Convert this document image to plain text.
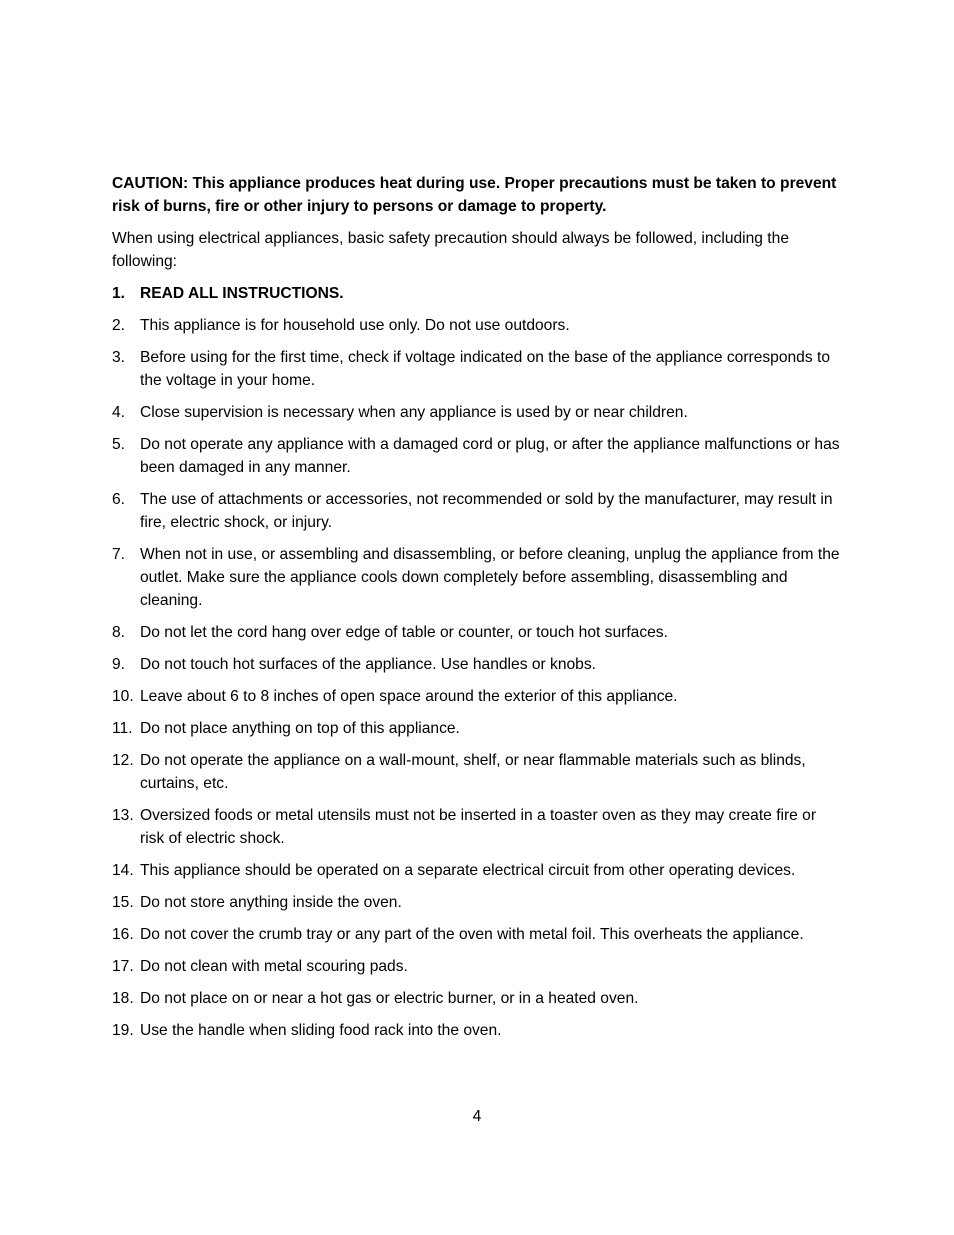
CAUTION: This appliance produces heat during use. Proper precautions must be taken to prevent risk of burns, fire or other injury to persons or damage to property.

When using electrical appliances, basic safety precaution should always be followed, including the following:

1. READ ALL INSTRUCTIONS.
2. This appliance is for household use only. Do not use outdoors.
3. Before using for the first time, check if voltage indicated on the base of the appliance corresponds to the voltage in your home.
4. Close supervision is necessary when any appliance is used by or near children.
5. Do not operate any appliance with a damaged cord or plug, or after the appliance malfunctions or has been damaged in any manner.
6. The use of attachments or accessories, not recommended or sold by the manufacturer, may result in fire, electric shock, or injury.
7. When not in use, or assembling and disassembling, or before cleaning, unplug the appliance from the outlet. Make sure the appliance cools down completely before assembling, disassembling and cleaning.
8. Do not let the cord hang over edge of table or counter, or touch hot surfaces.
9. Do not touch hot surfaces of the appliance. Use handles or knobs.
10. Leave about 6 to 8 inches of open space around the exterior of this appliance.
11. Do not place anything on top of this appliance.
12. Do not operate the appliance on a wall-mount, shelf, or near flammable materials such as blinds, curtains, etc.
13. Oversized foods or metal utensils must not be inserted in a toaster oven as they may create fire or risk of electric shock.
14. This appliance should be operated on a separate electrical circuit from other operating devices.
15. Do not store anything inside the oven.
16. Do not cover the crumb tray or any part of the oven with metal foil. This overheats the appliance.
17. Do not clean with metal scouring pads.
18. Do not place on or near a hot gas or electric burner, or in a heated oven.
19. Use the handle when sliding food rack into the oven.
4
